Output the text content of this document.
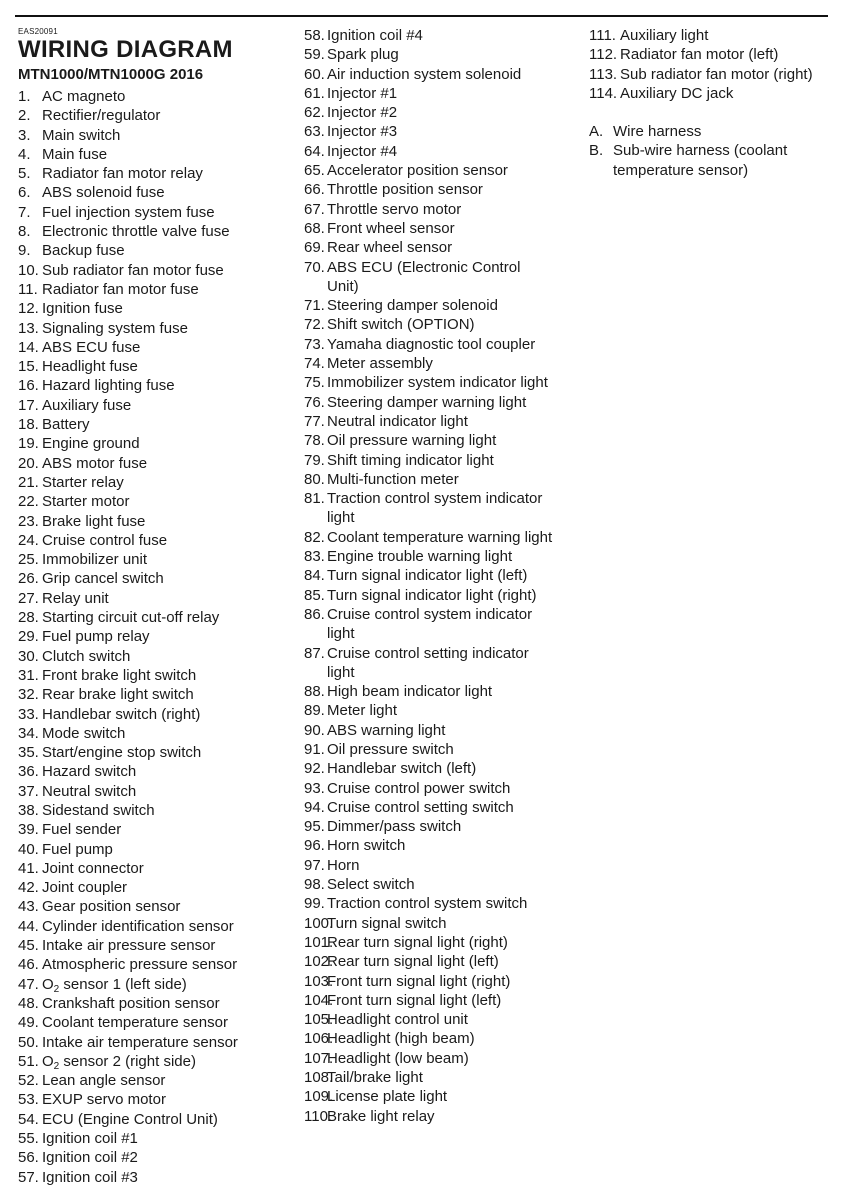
EAS20091
WIRING DIAGRAM
MTN1000/MTN1000G 2016
1. AC magneto
2. Rectifier/regulator
3. Main switch
4. Main fuse
5. Radiator fan motor relay
6. ABS solenoid fuse
7. Fuel injection system fuse
8. Electronic throttle valve fuse
9. Backup fuse
10. Sub radiator fan motor fuse
11. Radiator fan motor fuse
12. Ignition fuse
13. Signaling system fuse
14. ABS ECU fuse
15. Headlight fuse
16. Hazard lighting fuse
17. Auxiliary fuse
18. Battery
19. Engine ground
20. ABS motor fuse
21. Starter relay
22. Starter motor
23. Brake light fuse
24. Cruise control fuse
25. Immobilizer unit
26. Grip cancel switch
27. Relay unit
28. Starting circuit cut-off relay
29. Fuel pump relay
30. Clutch switch
31. Front brake light switch
32. Rear brake light switch
33. Handlebar switch (right)
34. Mode switch
35. Start/engine stop switch
36. Hazard switch
37. Neutral switch
38. Sidestand switch
39. Fuel sender
40. Fuel pump
41. Joint connector
42. Joint coupler
43. Gear position sensor
44. Cylinder identification sensor
45. Intake air pressure sensor
46. Atmospheric pressure sensor
47. $O_2$ sensor 1 (left side)
48. Crankshaft position sensor
49. Coolant temperature sensor
50. Intake air temperature sensor
51. $O_2$ sensor 2 (right side)
52. Lean angle sensor
53. EXUP servo motor
54. ECU (Engine Control Unit)
55. Ignition coil #1
56. Ignition coil #2
57. Ignition coil #3
58. Ignition coil #4
59. Spark plug
60. Air induction system solenoid
61. Injector #1
62. Injector #2
63. Injector #3
64. Injector #4
65. Accelerator position sensor
66. Throttle position sensor
67. Throttle servo motor
68. Front wheel sensor
69. Rear wheel sensor
70. ABS ECU (Electronic Control Unit)
71. Steering damper solenoid
72. Shift switch (OPTION)
73. Yamaha diagnostic tool coupler
74. Meter assembly
75. Immobilizer system indicator light
76. Steering damper warning light
77. Neutral indicator light
78. Oil pressure warning light
79. Shift timing indicator light
80. Multi-function meter
81. Traction control system indicator light
82. Coolant temperature warning light
83. Engine trouble warning light
84. Turn signal indicator light (left)
85. Turn signal indicator light (right)
86. Cruise control system indicator light
87. Cruise control setting indicator light
88. High beam indicator light
89. Meter light
90. ABS warning light
91. Oil pressure switch
92. Handlebar switch (left)
93. Cruise control power switch
94. Cruise control setting switch
95. Dimmer/pass switch
96. Horn switch
97. Horn
98. Select switch
99. Traction control system switch
100.
Turn signal switch
101.
Rear turn signal light (right)
102.
Rear turn signal light (left)
103.
Front turn signal light (right)
104.
Front turn signal light (left)
105.
Headlight control unit
106.
Headlight (high beam)
107.
Headlight (low beam)
108.
Tail/brake light
109.
License plate light
110.
Brake light relay
111. Auxiliary light
112. Radiator fan motor (left)
113. Sub radiator fan motor (right)
114. Auxiliary DC jack
A. Wire harness
B. Sub-wire harness (coolant temperature sensor)
